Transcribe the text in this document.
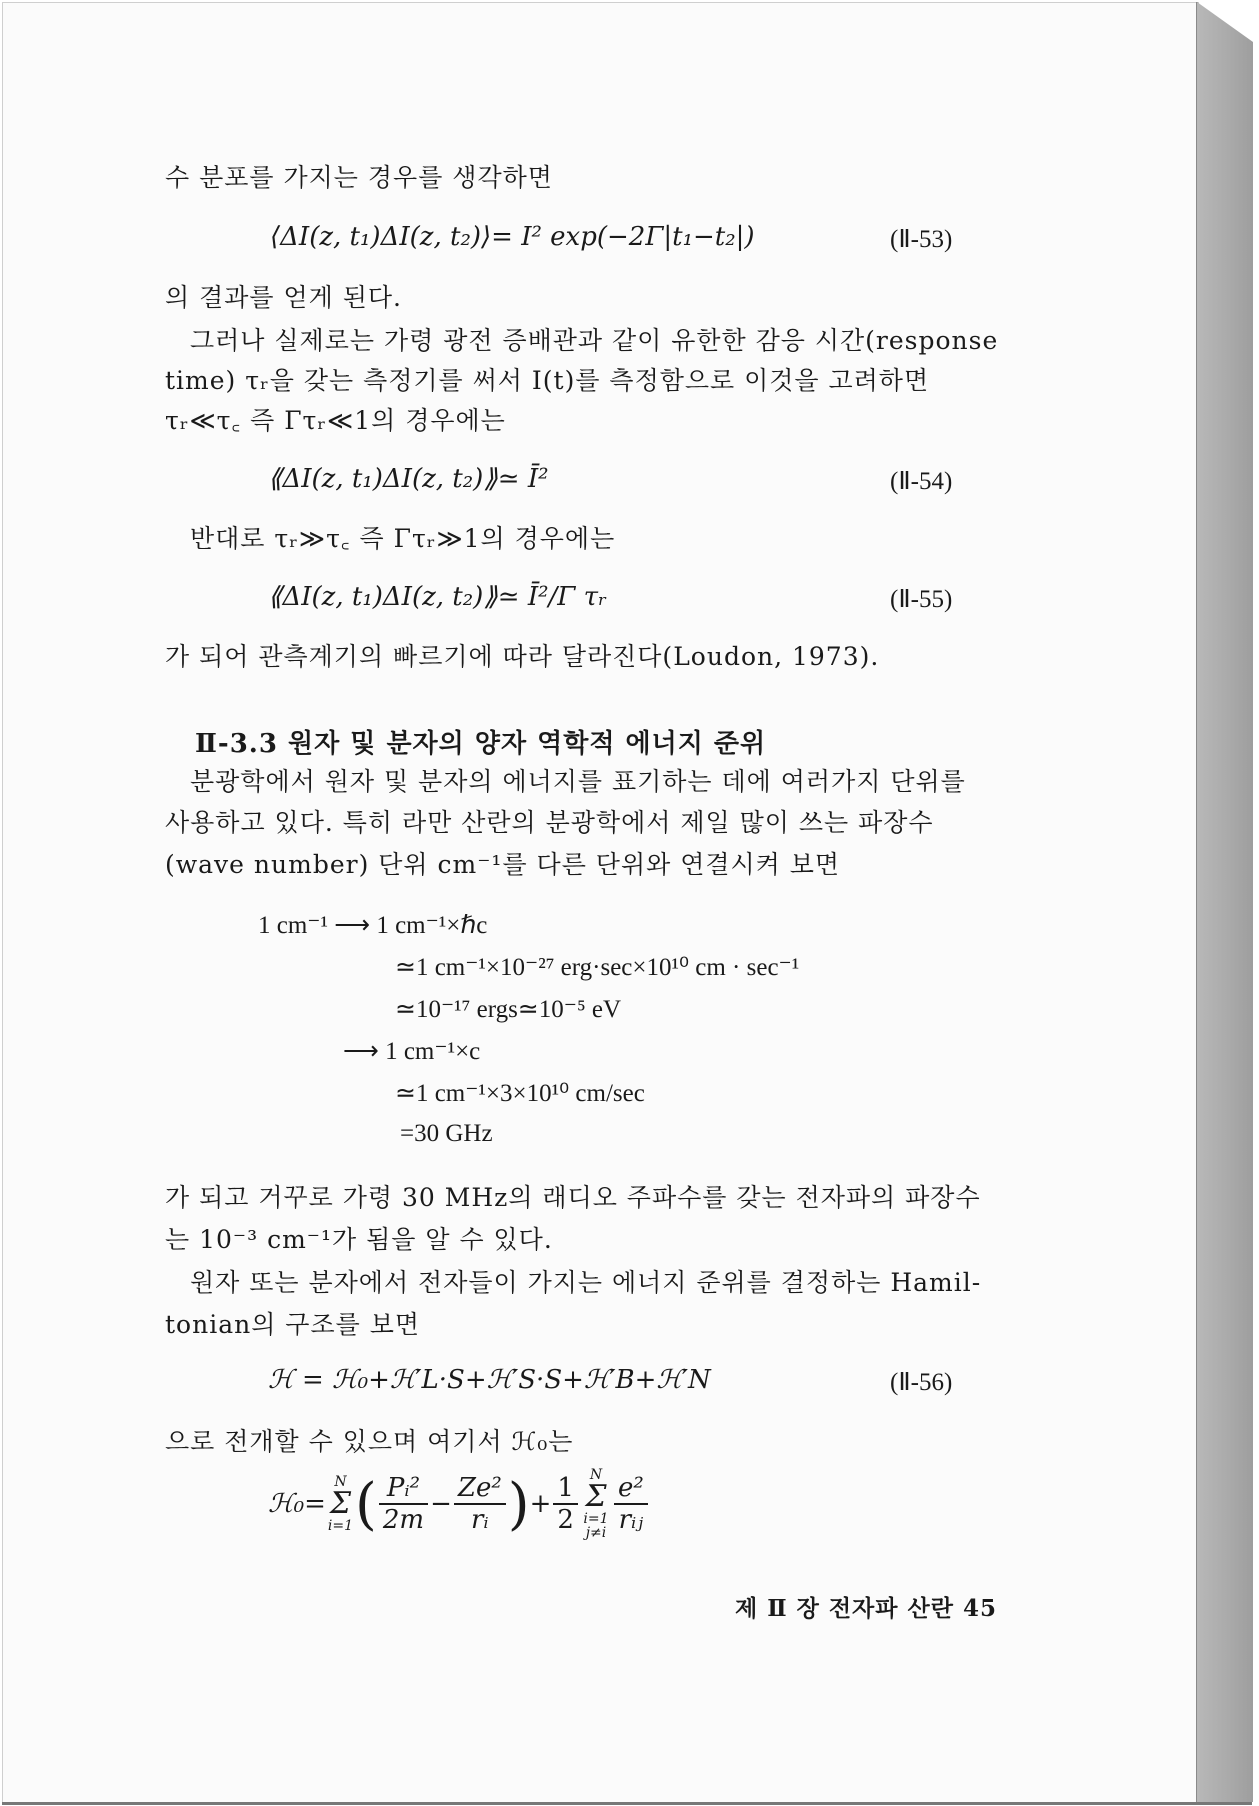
수 분포를 가지는 경우를 생각하면
⟨ΔI(z, t₁)ΔI(z, t₂)⟩= I² exp(−2Γ|t₁−t₂|)	(Ⅱ-53)
의 결과를 얻게 된다.
그러나 실제로는 가령 광전 증배관과 같이 유한한 감응 시간(response
time) τᵣ을 갖는 측정기를 써서 I(t)를 측정함으로 이것을 고려하면
τᵣ≪τ꜀ 즉 Γτᵣ≪1의 경우에는
⟪ΔI(z, t₁)ΔI(z, t₂)⟫≃ Ī²	(Ⅱ-54)
반대로 τᵣ≫τ꜀ 즉 Γτᵣ≫1의 경우에는
⟪ΔI(z, t₁)ΔI(z, t₂)⟫≃ Ī²/Γ τᵣ	(Ⅱ-55)
가 되어 관측계기의 빠르기에 따라 달라진다(Loudon, 1973).
Ⅱ-3.3 원자 및 분자의 양자 역학적 에너지 준위
분광학에서 원자 및 분자의 에너지를 표기하는 데에 여러가지 단위를
사용하고 있다. 특히 라만 산란의 분광학에서 제일 많이 쓰는 파장수
(wave number) 단위 cm⁻¹를 다른 단위와 연결시켜 보면
1 cm⁻¹ ⟶ 1 cm⁻¹×ℏc
≃1 cm⁻¹×10⁻²⁷ erg·sec×10¹⁰ cm · sec⁻¹
≃10⁻¹⁷ ergs≃10⁻⁵ eV
⟶ 1 cm⁻¹×c
≃1 cm⁻¹×3×10¹⁰ cm/sec
=30 GHz
가 되고 거꾸로 가령 30 MHz의 래디오 주파수를 갖는 전자파의 파장수
는 10⁻³ cm⁻¹가 됨을 알 수 있다.
원자 또는 분자에서 전자들이 가지는 에너지 준위를 결정하는 Hamil-
tonian의 구조를 보면
ℋ = ℋ₀+ℋ′L·S+ℋ′S·S+ℋ′B+ℋ′N	(Ⅱ-56)
으로 전개할 수 있으며 여기서 ℋ₀는
ℋ₀=
N
Σ
i=1 ( $\frac{\text{Pᵢ²}}{2m} - \frac{\text{Ze²}}{\text{rᵢ}}$ ) + $\frac{1}{2}$ N
Σ
i=1 $j\ne i \frac{\text{e²}}{\text{rᵢⱼ}}$
제 Ⅱ 장 전자파 산란 45
